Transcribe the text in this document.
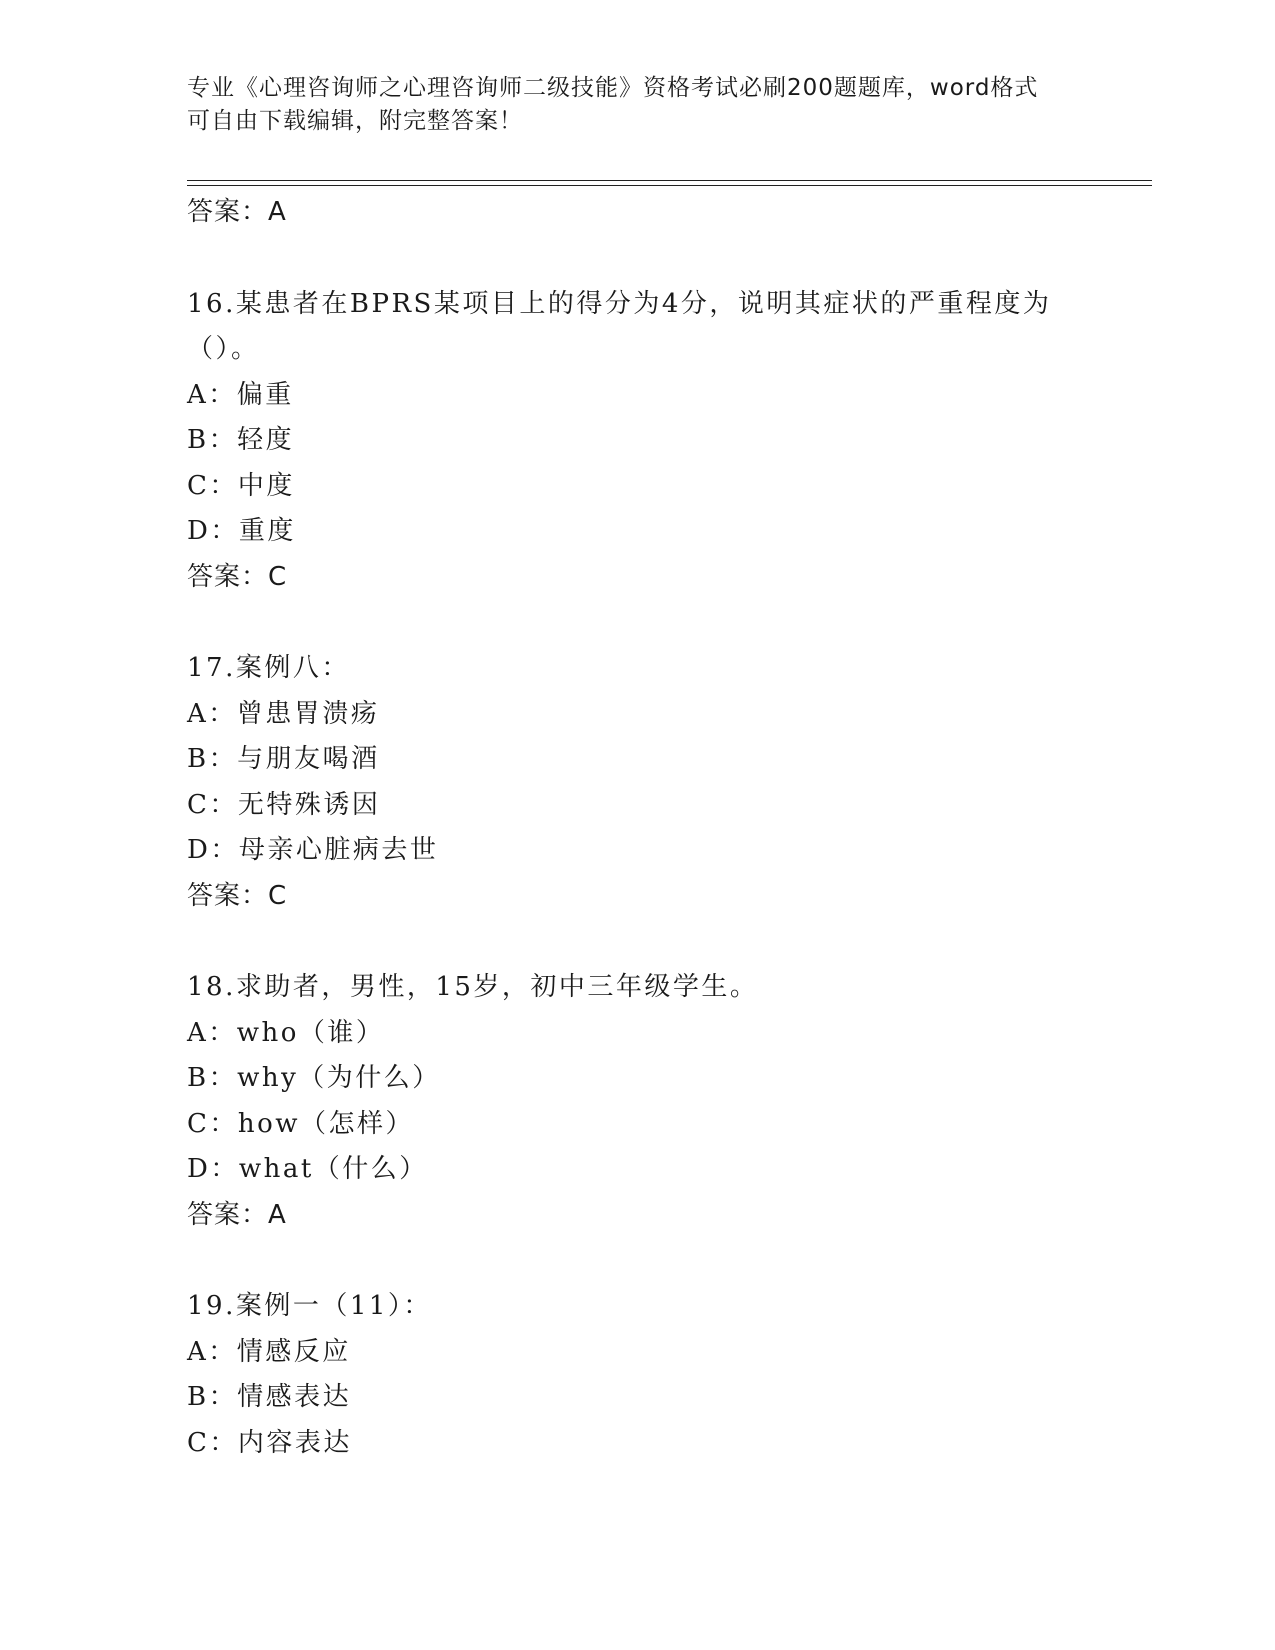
专业《心理咨询师之心理咨询师二级技能》资格考试必刷200题题库，word格式
可自由下载编辑，附完整答案！
答案：A
16.某患者在BPRS某项目上的得分为4分，说明其症状的严重程度为
（）。
A：偏重
B：轻度
C：中度
D：重度
答案：C
17.案例八：
A：曾患胃溃疡
B：与朋友喝酒
C：无特殊诱因
D：母亲心脏病去世
答案：C
18.求助者，男性，15岁，初中三年级学生。
A：who（谁）
B：why（为什么）
C：how（怎样）
D：what（什么）
答案：A
19.案例一（11）：
A：情感反应
B：情感表达
C：内容表达
